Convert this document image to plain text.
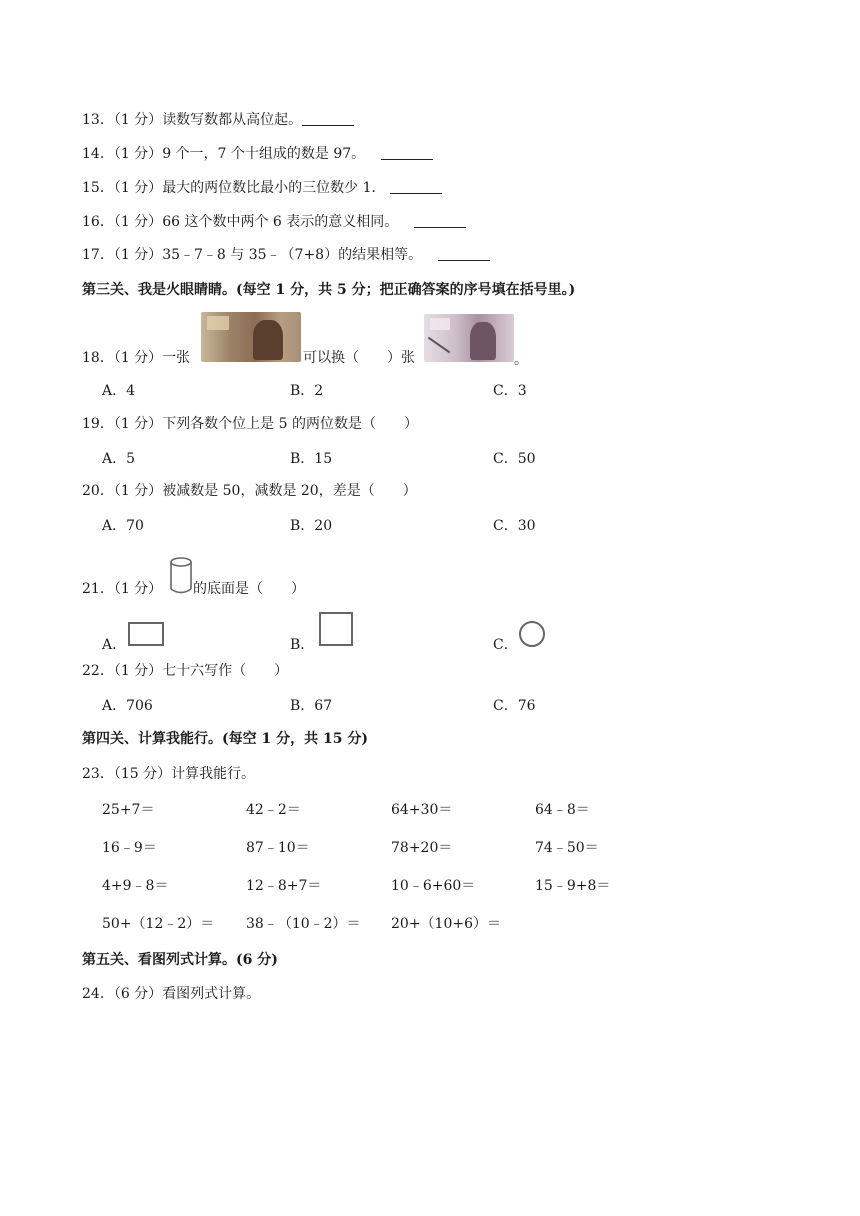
13．（1 分）读数写数都从高位起。
14．（1 分）9 个一，7 个十组成的数是 97。
15．（1 分）最大的两位数比最小的三位数少 1．
16．（1 分）66 这个数中两个 6 表示的意义相同。
17．（1 分）35﹣7﹣8 与 35﹣（7+8）的结果相等。
第三关、我是火眼睛睛。(每空 1 分，共 5 分；把正确答案的序号填在括号里。)
18．（1 分）一张	可以换（　　）张	。
A．4	B．2	C．3
19．（1 分）下列各数个位上是 5 的两位数是（　　）
A．5	B．15	C．50
20．（1 分）被减数是 50，减数是 20，差是（　　）
A．70	B．20	C．30
21．（1 分） 的底面是（　　）
A．	B．	C．
22．（1 分）七十六写作（　　）
A．706	B．67	C．76
第四关、计算我能行。(每空 1 分，共 15 分)
23．（15 分）计算我能行。
25+7＝	42﹣2＝	64+30＝	64﹣8＝
16﹣9＝	87﹣10＝	78+20＝	74﹣50＝
4+9﹣8＝	12﹣8+7＝	10﹣6+60＝	15﹣9+8＝
50+（12﹣2）＝ 38﹣（10﹣2）＝ 20+（10+6）＝
第五关、看图列式计算。(6 分)
24．（6 分）看图列式计算。
